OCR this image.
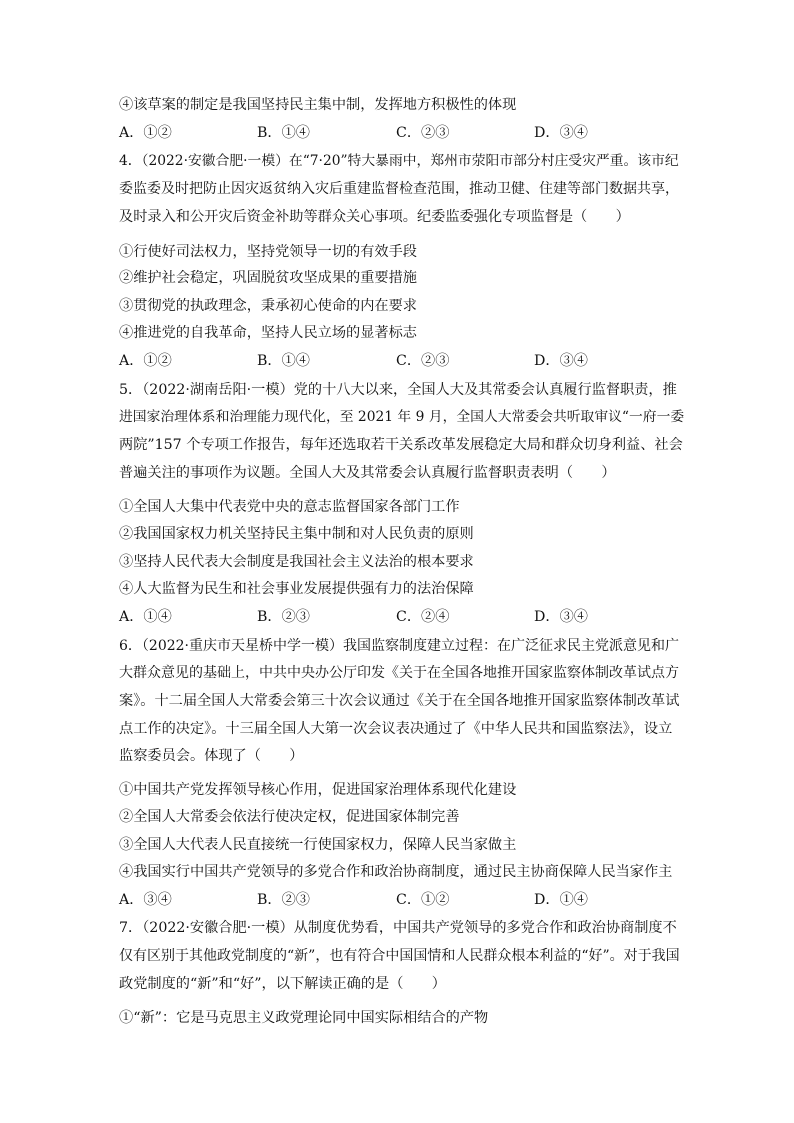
④该草案的制定是我国坚持民主集中制，发挥地方积极性的体现
A．①②	B．①④	C．②③	D．③④
4．（2022·安徽合肥·一模）在“7·20”特大暴雨中，郑州市荥阳市部分村庄受灾严重。该市纪
委监委及时把防止因灾返贫纳入灾后重建监督检查范围，推动卫健、住建等部门数据共享，
及时录入和公开灾后资金补助等群众关心事项。纪委监委强化专项监督是（　　）
①行使好司法权力，坚持党领导一切的有效手段
②维护社会稳定，巩固脱贫攻坚成果的重要措施
③贯彻党的执政理念，秉承初心使命的内在要求
④推进党的自我革命，坚持人民立场的显著标志
A．①②	B．①④	C．②③	D．③④
5．（2022·湖南岳阳·一模）党的十八大以来，全国人大及其常委会认真履行监督职责，推
进国家治理体系和治理能力现代化，至 2021 年 9 月，全国人大常委会共听取审议“一府一委
两院”157 个专项工作报告，每年还选取若干关系改革发展稳定大局和群众切身利益、社会
普遍关注的事项作为议题。全国人大及其常委会认真履行监督职责表明（　　）
①全国人大集中代表党中央的意志监督国家各部门工作
②我国国家权力机关坚持民主集中制和对人民负责的原则
③坚持人民代表大会制度是我国社会主义法治的根本要求
④人大监督为民生和社会事业发展提供强有力的法治保障
A．①④	B．②③	C．②④	D．③④
6．（2022·重庆市天星桥中学一模）我国监察制度建立过程：在广泛征求民主党派意见和广
大群众意见的基础上，中共中央办公厅印发《关于在全国各地推开国家监察体制改革试点方
案》。十二届全国人大常委会第三十次会议通过《关于在全国各地推开国家监察体制改革试
点工作的决定》。十三届全国人大第一次会议表决通过了《中华人民共和国监察法》，设立
监察委员会。体现了（　　）
①中国共产党发挥领导核心作用，促进国家治理体系现代化建设
②全国人大常委会依法行使决定权，促进国家体制完善
③全国人大代表人民直接统一行使国家权力，保障人民当家做主
④我国实行中国共产党领导的多党合作和政治协商制度，通过民主协商保障人民当家作主
A．③④	B．②③	C．①②	D．①④
7．（2022·安徽合肥·一模）从制度优势看，中国共产党领导的多党合作和政治协商制度不
仅有区别于其他政党制度的“新”，也有符合中国国情和人民群众根本利益的“好”。对于我国
政党制度的“新”和“好”，以下解读正确的是（　　）
①“新”：它是马克思主义政党理论同中国实际相结合的产物
